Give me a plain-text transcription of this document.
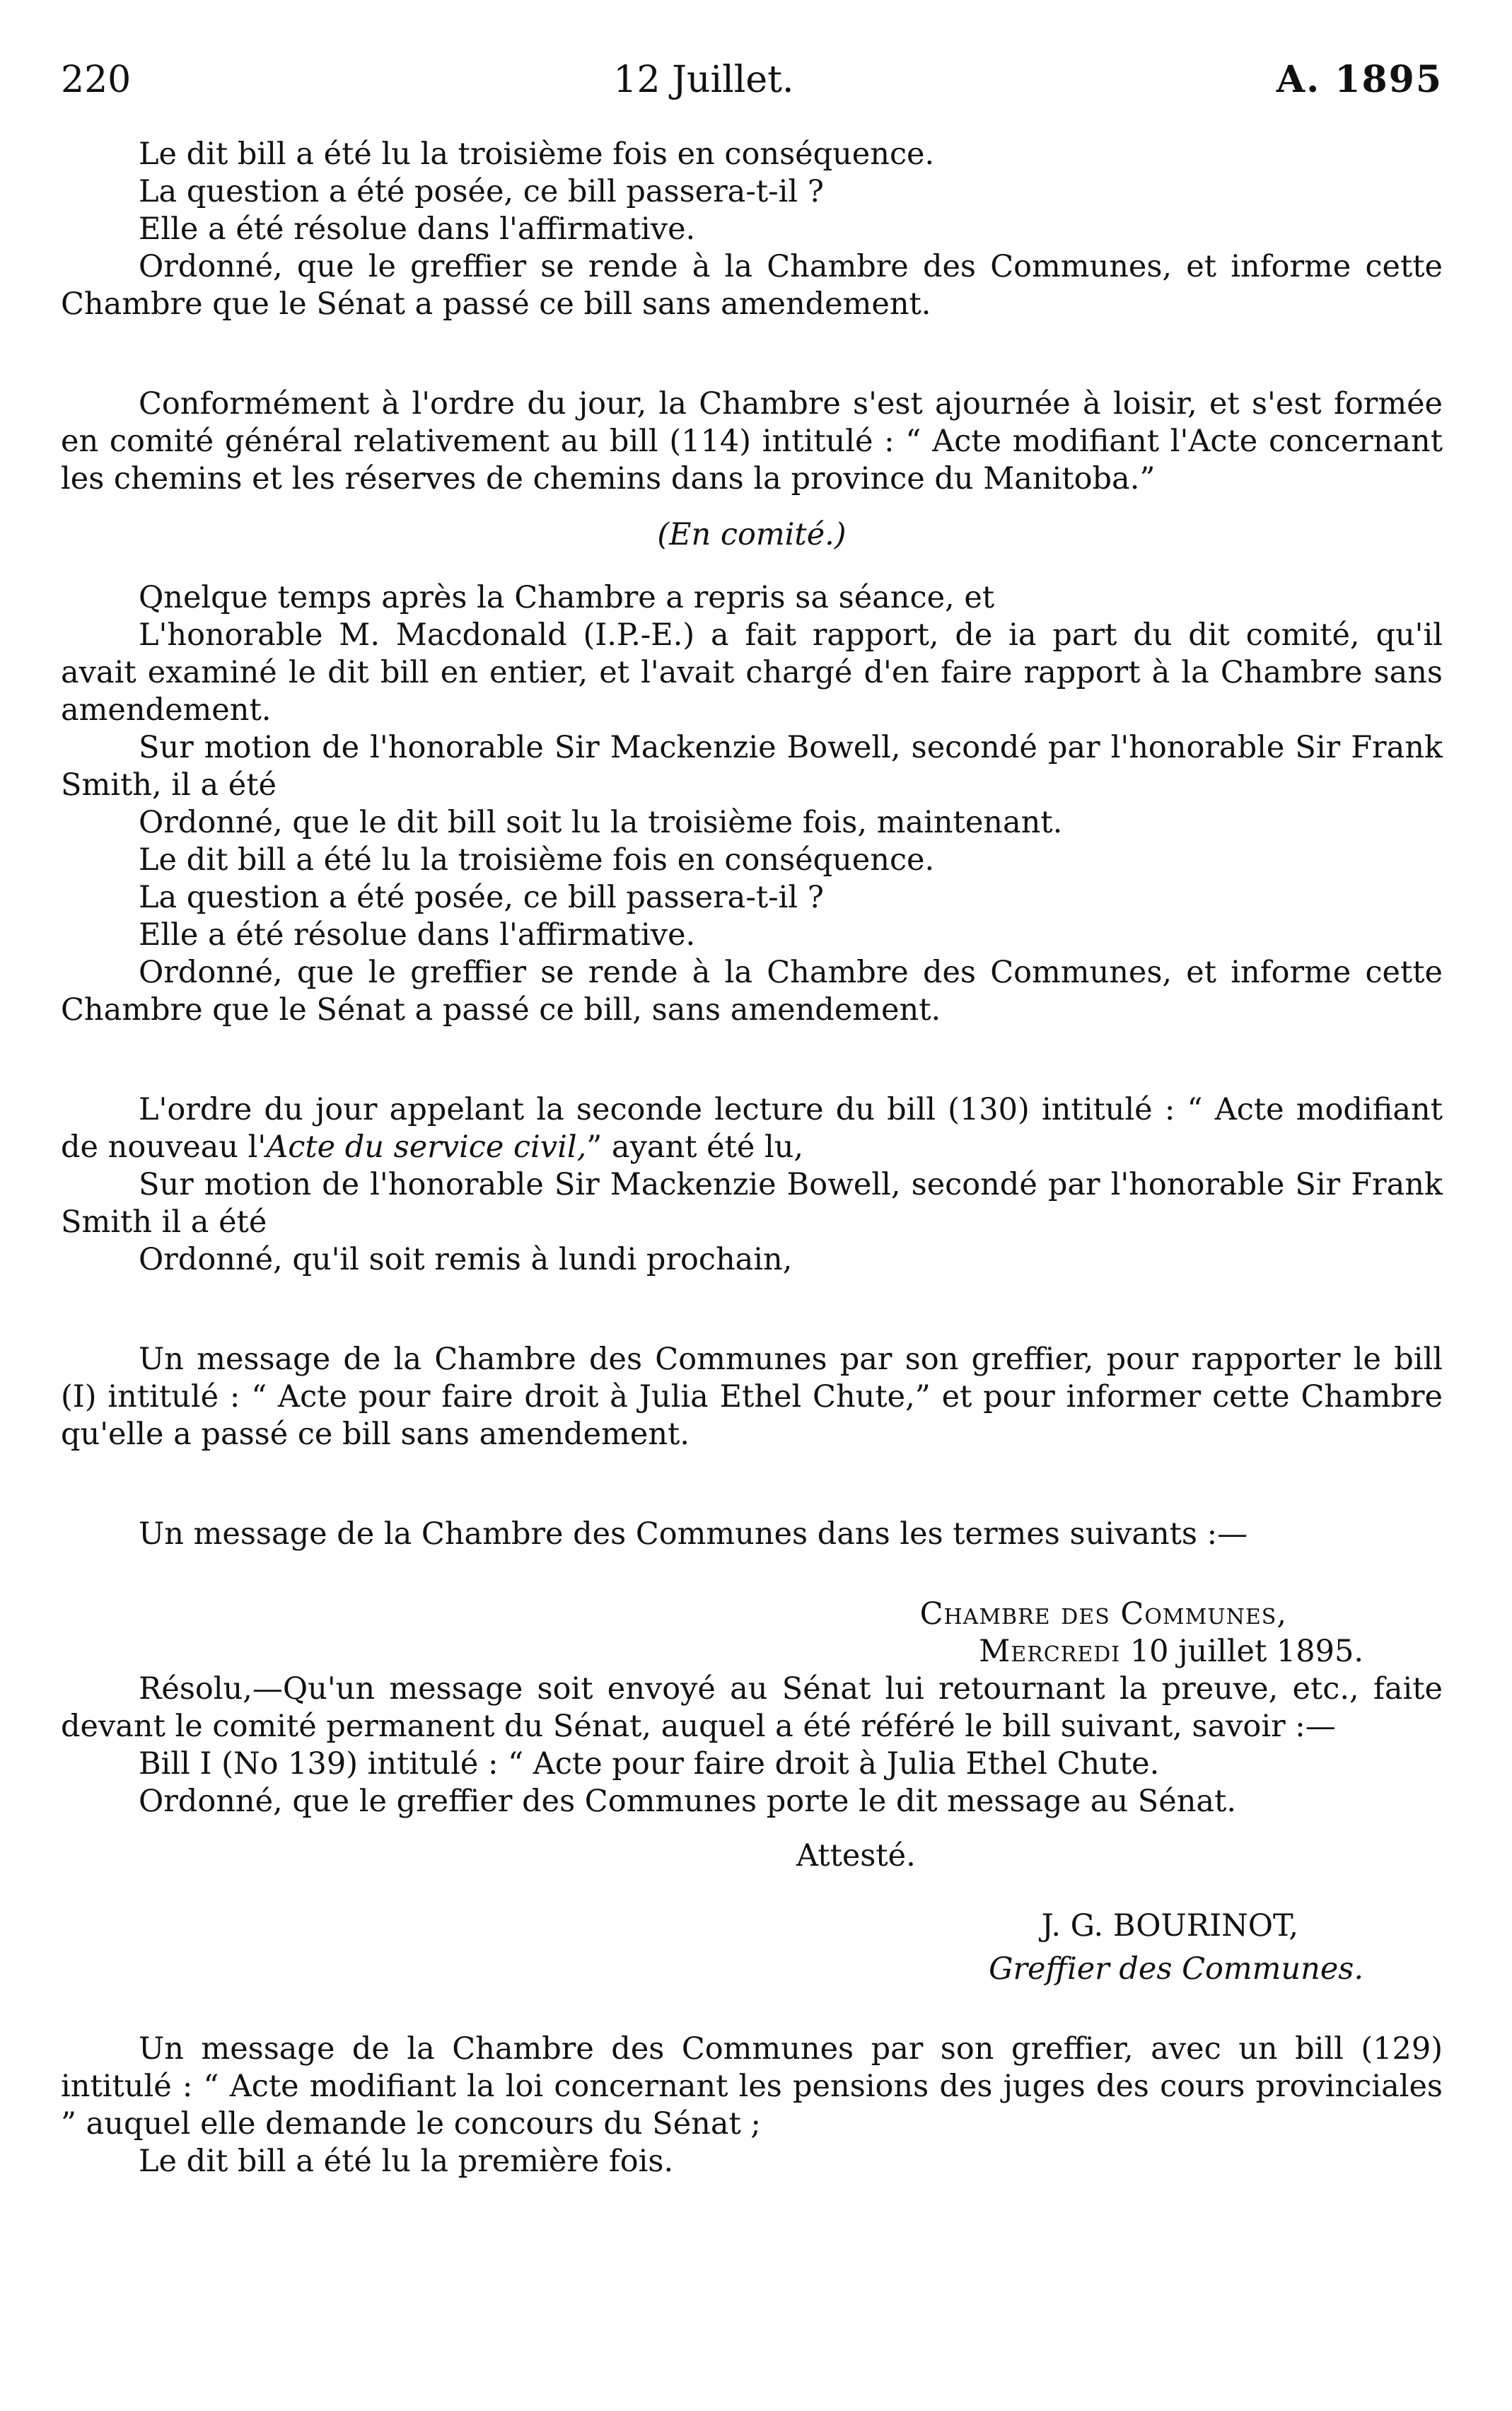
220	12 Juillet.	A. 1895

Le dit bill a été lu la troisième fois en conséquence.

La question a été posée, ce bill passera-t-il ?

Elle a été résolue dans l'affirmative.

Ordonné, que le greffier se rende à la Chambre des Communes, et informe cette Chambre que le Sénat a passé ce bill sans amendement.

Conformément à l'ordre du jour, la Chambre s'est ajournée à loisir, et s'est formée en comité général relativement au bill (114) intitulé : “ Acte modifiant l'Acte concernant les chemins et les réserves de chemins dans la province du Manitoba.”

(En comité.)

Qnelque temps après la Chambre a repris sa séance, et

L'honorable M. Macdonald (I.P.-E.) a fait rapport, de ia part du dit comité, qu'il avait examiné le dit bill en entier, et l'avait chargé d'en faire rapport à la Chambre sans amendement.

Sur motion de l'honorable Sir Mackenzie Bowell, secondé par l'honorable Sir Frank Smith, il a été

Ordonné, que le dit bill soit lu la troisième fois, maintenant.

Le dit bill a été lu la troisième fois en conséquence.

La question a été posée, ce bill passera-t-il ?

Elle a été résolue dans l'affirmative.

Ordonné, que le greffier se rende à la Chambre des Communes, et informe cette Chambre que le Sénat a passé ce bill, sans amendement.

L'ordre du jour appelant la seconde lecture du bill (130) intitulé : “ Acte modifiant de nouveau l'Acte du service civil,” ayant été lu,

Sur motion de l'honorable Sir Mackenzie Bowell, secondé par l'honorable Sir Frank Smith il a été

Ordonné, qu'il soit remis à lundi prochain,

Un message de la Chambre des Communes par son greffier, pour rapporter le bill (I) intitulé : “ Acte pour faire droit à Julia Ethel Chute,” et pour informer cette Chambre qu'elle a passé ce bill sans amendement.

Un message de la Chambre des Communes dans les termes suivants :—

Chambre des Communes,

Mercredi 10 juillet 1895.

Résolu,—Qu'un message soit envoyé au Sénat lui retournant la preuve, etc., faite devant le comité permanent du Sénat, auquel a été référé le bill suivant, savoir :—

Bill I (No 139) intitulé : “ Acte pour faire droit à Julia Ethel Chute.

Ordonné, que le greffier des Communes porte le dit message au Sénat.

Attesté.

J. G. BOURINOT,

Greffier des Communes.

Un message de la Chambre des Communes par son greffier, avec un bill (129) intitulé : “ Acte modifiant la loi concernant les pensions des juges des cours provinciales ” auquel elle demande le concours du Sénat ;

Le dit bill a été lu la première fois.
